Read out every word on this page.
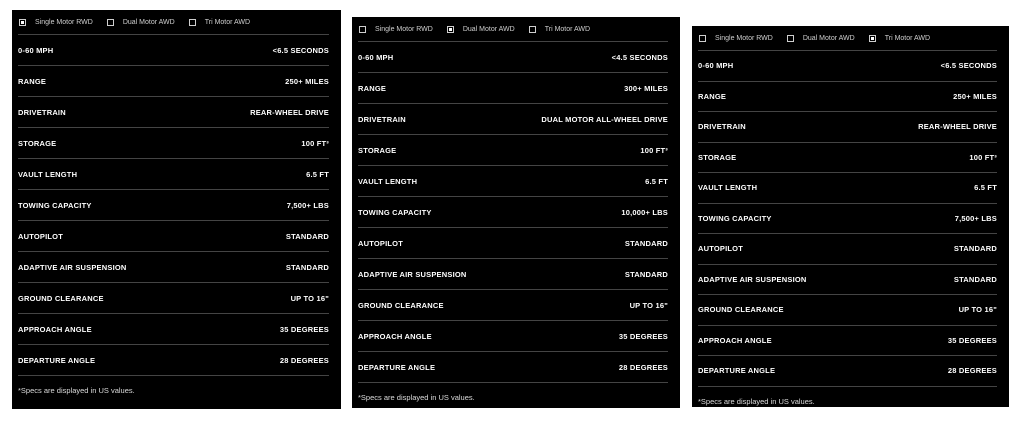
Single Motor RWD	Dual Motor AWD	Tri Motor AWD
0-60 MPH	<6.5 SECONDS
RANGE	250+ MILES
DRIVETRAIN	REAR-WHEEL DRIVE
STORAGE	100 FT³
VAULT LENGTH	6.5 FT
TOWING CAPACITY	7,500+ LBS
AUTOPILOT	STANDARD
ADAPTIVE AIR SUSPENSION	STANDARD
GROUND CLEARANCE	UP TO 16"
APPROACH ANGLE	35 DEGREES
DEPARTURE ANGLE	28 DEGREES
*Specs are displayed in US values.
Single Motor RWD	Dual Motor AWD	Tri Motor AWD
0-60 MPH	<4.5 SECONDS
RANGE	300+ MILES
DRIVETRAIN	DUAL MOTOR ALL-WHEEL DRIVE
STORAGE	100 FT³
VAULT LENGTH	6.5 FT
TOWING CAPACITY	10,000+ LBS
AUTOPILOT	STANDARD
ADAPTIVE AIR SUSPENSION	STANDARD
GROUND CLEARANCE	UP TO 16"
APPROACH ANGLE	35 DEGREES
DEPARTURE ANGLE	28 DEGREES
*Specs are displayed in US values.
Single Motor RWD	Dual Motor AWD	Tri Motor AWD
0-60 MPH	<6.5 SECONDS
RANGE	250+ MILES
DRIVETRAIN	REAR-WHEEL DRIVE
STORAGE	100 FT³
VAULT LENGTH	6.5 FT
TOWING CAPACITY	7,500+ LBS
AUTOPILOT	STANDARD
ADAPTIVE AIR SUSPENSION	STANDARD
GROUND CLEARANCE	UP TO 16"
APPROACH ANGLE	35 DEGREES
DEPARTURE ANGLE	28 DEGREES
*Specs are displayed in US values.
